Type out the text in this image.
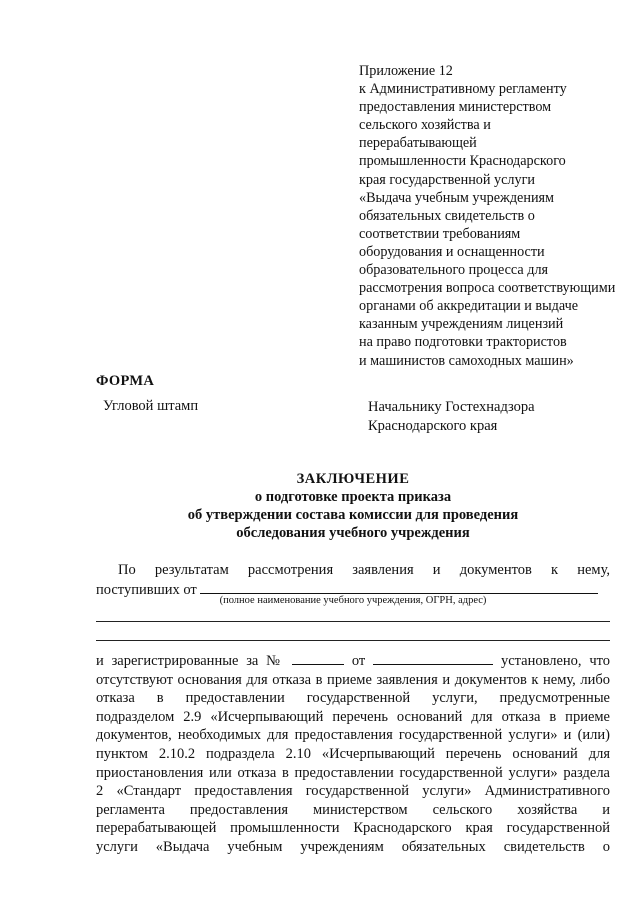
Приложение 12
к Административному регламенту
предоставления министерством
сельского хозяйства и
перерабатывающей
промышленности Краснодарского
края государственной услуги
«Выдача учебным учреждениям
обязательных свидетельств о
соответствии требованиям
оборудования и оснащенности
образовательного процесса для
рассмотрения вопроса соответствующими
органами об аккредитации и выдаче
казанным учреждениям лицензий
на право подготовки трактористов
и машинистов самоходных машин»
ФОРМА
Угловой штамп	Начальнику Гостехнадзора
Краснодарского края
ЗАКЛЮЧЕНИЕ
о подготовке проекта приказа
об утверждении состава комиссии для проведения
обследования учебного учреждения
По результатам рассмотрения заявления и документов к нему,
поступивших от
(полное наименование учебного учреждения, ОГРН, адрес)
и зарегистрированные за №	от	установлено, что
отсутствуют основания для отказа в приеме заявления и документов к нему, либо
отказа в предоставлении государственной услуги, предусмотренные
подразделом 2.9 «Исчерпывающий перечень оснований для отказа в приеме
документов, необходимых для предоставления государственной услуги» и (или)
пунктом 2.10.2 подраздела 2.10 «Исчерпывающий перечень оснований для
приостановления или отказа в предоставлении государственной услуги» раздела
2 «Стандарт предоставления государственной услуги» Административного
регламента предоставления министерством сельского хозяйства и
перерабатывающей промышленности Краснодарского края государственной
услуги «Выдача учебным учреждениям обязательных свидетельств о
